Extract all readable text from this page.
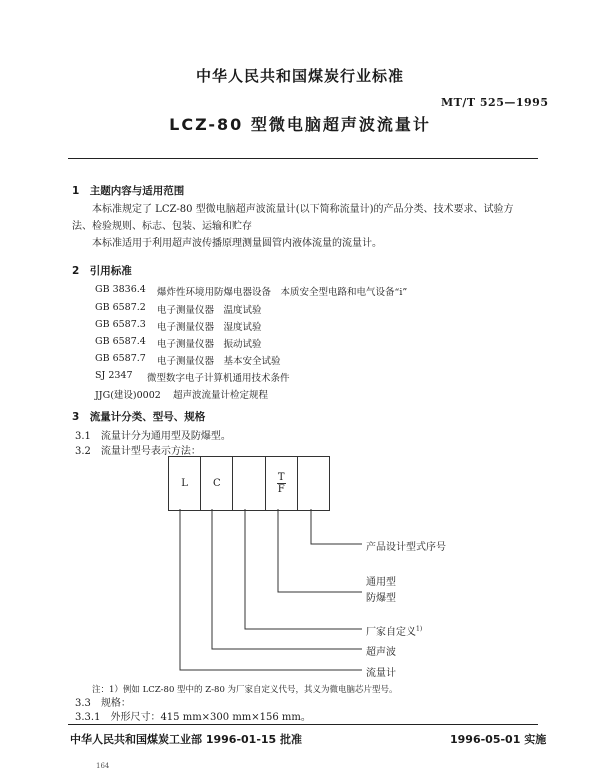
中华人民共和国煤炭行业标准
MT/T 525—1995
LCZ-80 型微电脑超声波流量计
1　主题内容与适用范围
本标准规定了 LCZ-80 型微电脑超声波流量计(以下简称流量计)的产品分类、技术要求、试验方
法、检验规则、标志、包装、运输和贮存
本标准适用于利用超声波传播原理测量圆管内液体流量的流量计。
2　引用标准
GB 3836.4 爆炸性环境用防爆电器设备　本质安全型电路和电气设备“i”
GB 6587.2 电子测量仪器　温度试验
GB 6587.3 电子测量仪器　湿度试验
GB 6587.4 电子测量仪器　振动试验
GB 6587.7 电子测量仪器　基本安全试验
SJ 2347 微型数字电子计算机通用技术条件
JJG(建设)0002 超声波流量计检定规程
3　流量计分类、型号、规格
3.1　流量计分为通用型及防爆型。
3.2　流量计型号表示方法：
L	C	$\frac{T}{F}$
产品设计型式序号
通用型
防爆型
厂家自定义$^{1)}$
超声波
流量计
注：1）例如 LCZ-80 型中的 Z-80 为厂家自定义代号，其义为微电脑芯片型号。
3.3　规格：
3.3.1　外形尺寸：415 mm×300 mm×156 mm。
中华人民共和国煤炭工业部 1996-01-15 批准	1996-05-01 实施
164
